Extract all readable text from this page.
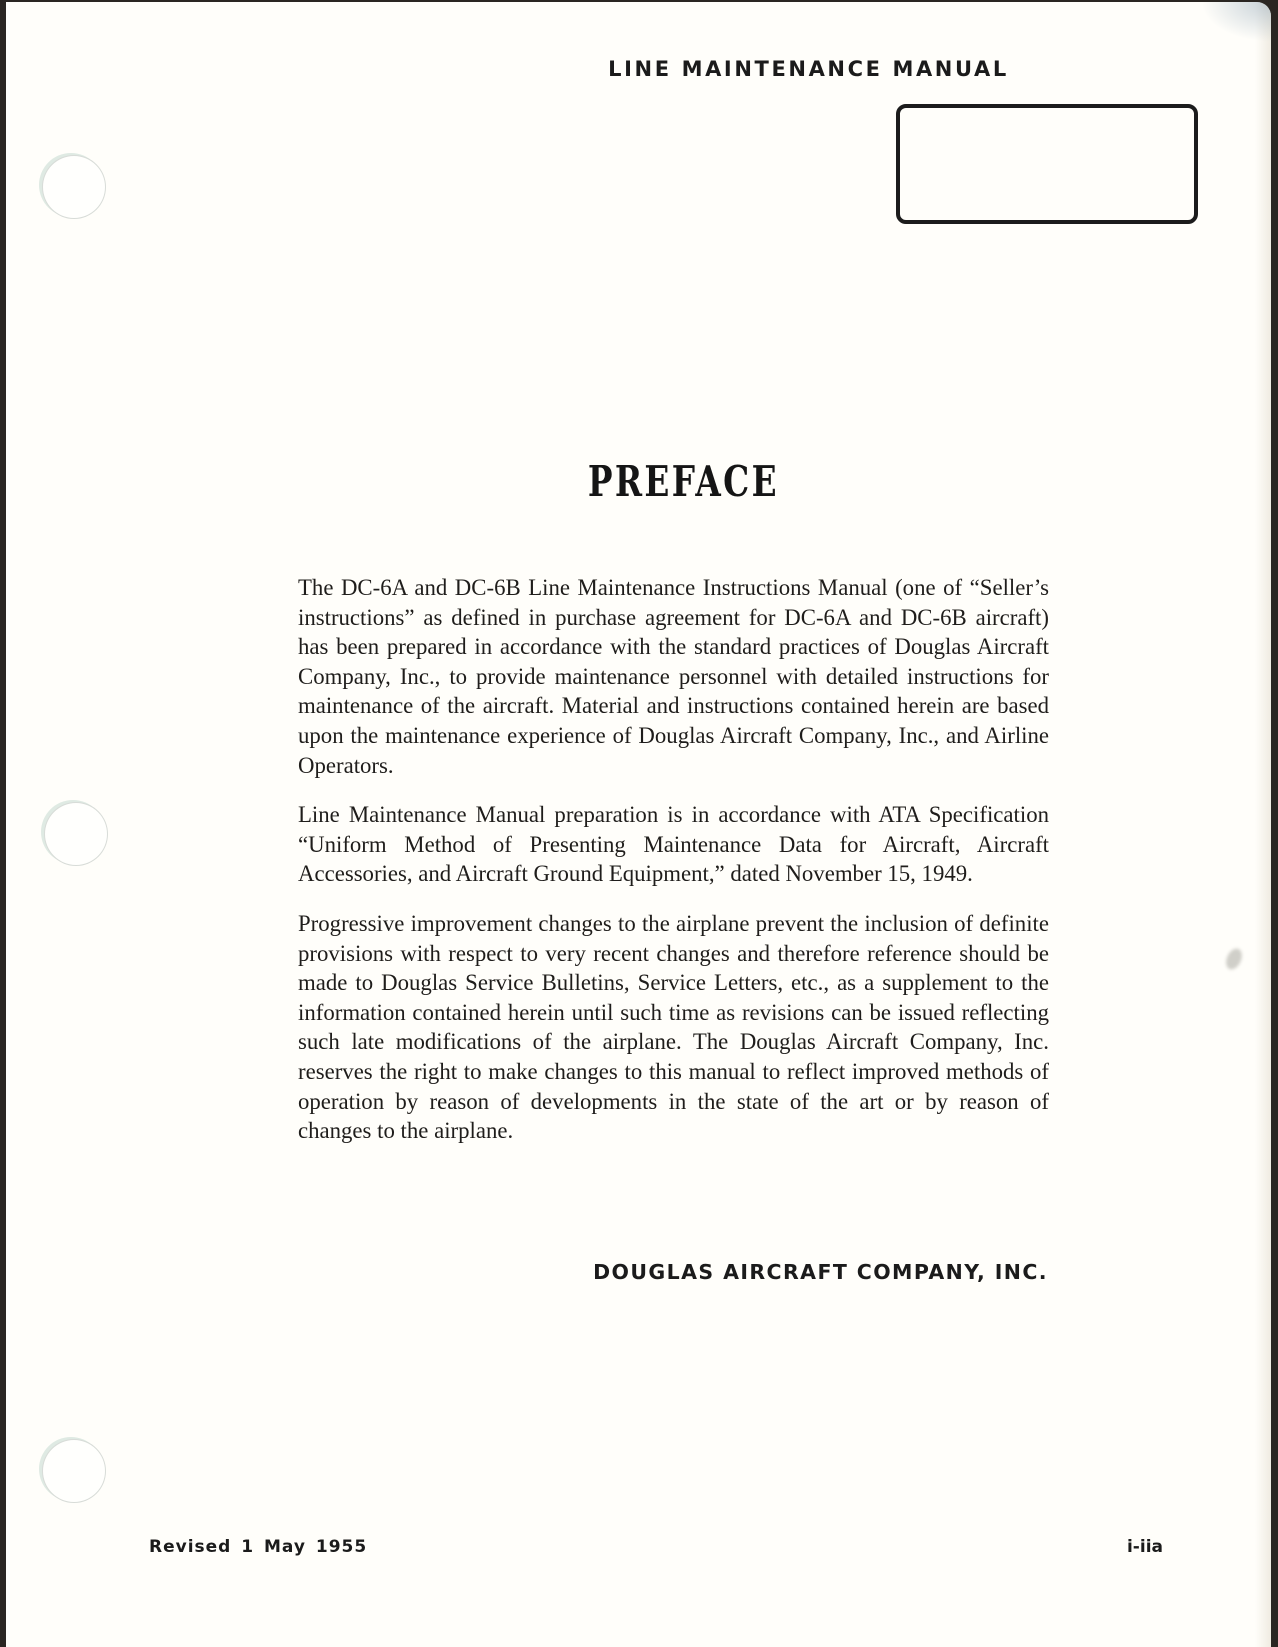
LINE MAINTENANCE MANUAL
PREFACE

The DC-6A and DC-6B Line Maintenance Instructions Manual (one of “Seller’s instructions” as defined in purchase agreement for DC-6A and DC-6B aircraft) has been prepared in accordance with the standard practices of Douglas Aircraft Company, Inc., to provide maintenance personnel with detailed instructions for maintenance of the aircraft. Material and instructions contained herein are based upon the maintenance experience of Douglas Aircraft Company, Inc., and Airline Operators.

Line Maintenance Manual preparation is in accordance with ATA Specification “Uniform Method of Presenting Maintenance Data for Aircraft, Aircraft Accessories, and Aircraft Ground Equipment,” dated November 15, 1949.

Progressive improvement changes to the airplane prevent the inclusion of definite provisions with respect to very recent changes and therefore reference should be made to Douglas Service Bulletins, Service Letters, etc., as a supplement to the information contained herein until such time as revisions can be issued reflecting such late modifications of the airplane. The Douglas Aircraft Company, Inc. reserves the right to make changes to this manual to reflect improved methods of operation by reason of developments in the state of the art or by reason of changes to the airplane.

DOUGLAS AIRCRAFT COMPANY, INC.
Revised 1 May 1955	i-iia
